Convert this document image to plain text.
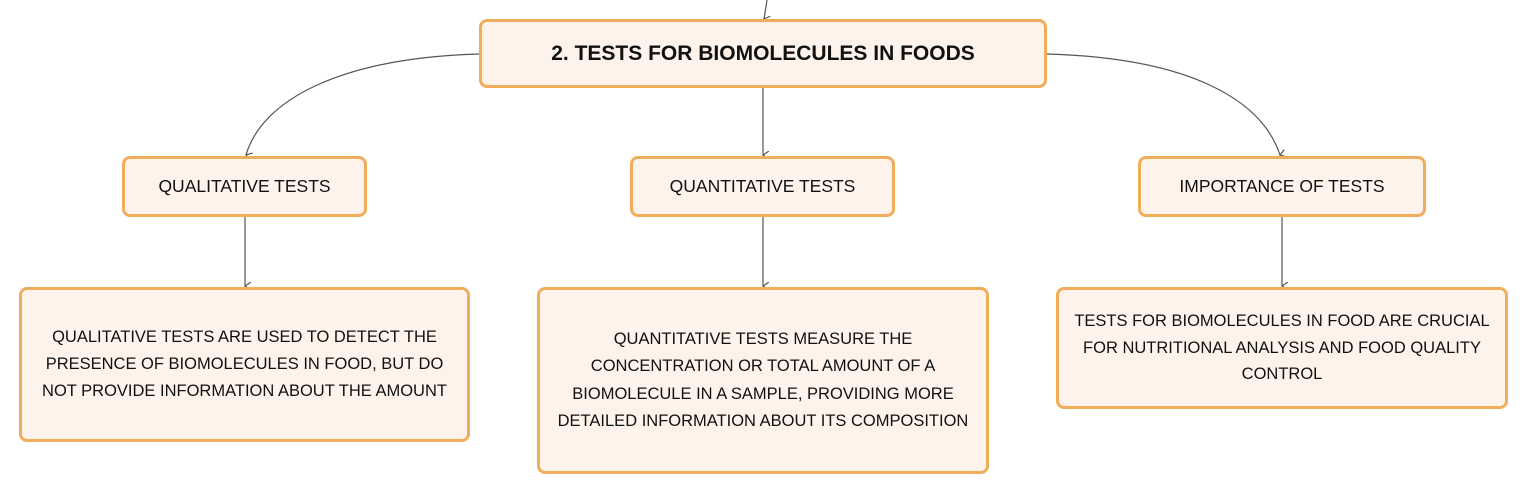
2. TESTS FOR BIOMOLECULES IN FOODS
QUALITATIVE TESTS	QUANTITATIVE TESTS	IMPORTANCE OF TESTS
QUALITATIVE TESTS ARE USED TO DETECT THE PRESENCE OF BIOMOLECULES IN FOOD, BUT DO NOT PROVIDE INFORMATION ABOUT THE AMOUNT
QUANTITATIVE TESTS MEASURE THE CONCENTRATION OR TOTAL AMOUNT OF A BIOMOLECULE IN A SAMPLE, PROVIDING MORE DETAILED INFORMATION ABOUT ITS COMPOSITION
TESTS FOR BIOMOLECULES IN FOOD ARE CRUCIAL FOR NUTRITIONAL ANALYSIS AND FOOD QUALITY CONTROL
